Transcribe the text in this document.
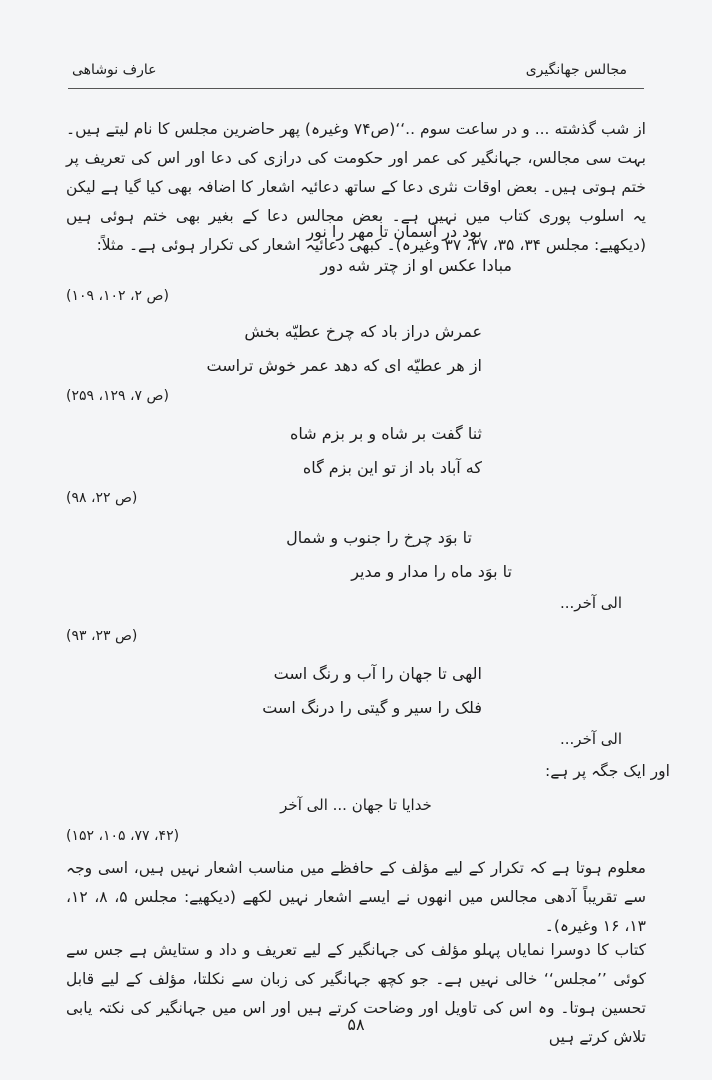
مجالس جهانگیری
عارف نوشاهی
از شب گذشته ... و در ساعت سوم ..‘‘(ص۷۴ وغیرہ) پھر حاضرین مجلس کا نام لیتے ہیں۔ بہت سی مجالس، جہانگیر کی عمر اور حکومت کی درازی کی دعا اور اس کی تعریف پر ختم ہوتی ہیں۔ بعض اوقات نثری دعا کے ساتھ دعائیہ اشعار کا اضافہ بھی کیا گیا ہے لیکن یہ اسلوب پوری کتاب میں نہیں ہے۔ بعض مجالس دعا کے بغیر بھی ختم ہوئی ہیں (دیکھیے: مجلس ۳۴، ۳۵، ۳۷، ۳۷ وغیرہ)۔ کبھی دعائیہ اشعار کی تکرار ہوئی ہے۔ مثلاً:
بود در آسمان تا مهر را نور
مبادا عکس او از چتر شه دور
(ص ۲، ۱۰۲، ۱۰۹)
عمرش دراز باد که چرخ عطیّه بخش
از هر عطیّه ای که دهد عمر خوش تراست
(ص ۷، ۱۲۹، ۲۵۹)
ثنا گفت بر شاه و بر بزم شاه
که آباد باد از تو این بزم گاه
(ص ۲۲، ۹۸)
تا بوَد چرخ را جنوب و شمال
تا بوَد ماه را مدار و مدیر
الی آخر...
(ص ۲۳، ۹۳)
الهی تا جهان را آب و رنگ است
فلک را سیر و گیتی را درنگ است
الی آخر...
اور ایک جگہ پر ہے:
خدایا تا جهان ... الی آخر
(۴۲، ۷۷، ۱۰۵، ۱۵۲)
معلوم ہوتا ہے کہ تکرار کے لیے مؤلف کے حافظے میں مناسب اشعار نہیں ہیں، اسی وجہ سے تقریباً آدھی مجالس میں انھوں نے ایسے اشعار نہیں لکھے (دیکھیے: مجلس ۵، ۸، ۱۲، ۱۳، ۱۶ وغیرہ)۔
کتاب کا دوسرا نمایاں پہلو مؤلف کی جہانگیر کے لیے تعریف و داد و ستایش ہے جس سے کوئی ’’مجلس‘‘ خالی نہیں ہے۔ جو کچھ جہانگیر کی زبان سے نکلتا، مؤلف کے لیے قابل تحسین ہوتا۔ وہ اس کی تاویل اور وضاحت کرتے ہیں اور اس میں جہانگیر کی نکتہ یابی تلاش کرتے ہیں
۵۸
